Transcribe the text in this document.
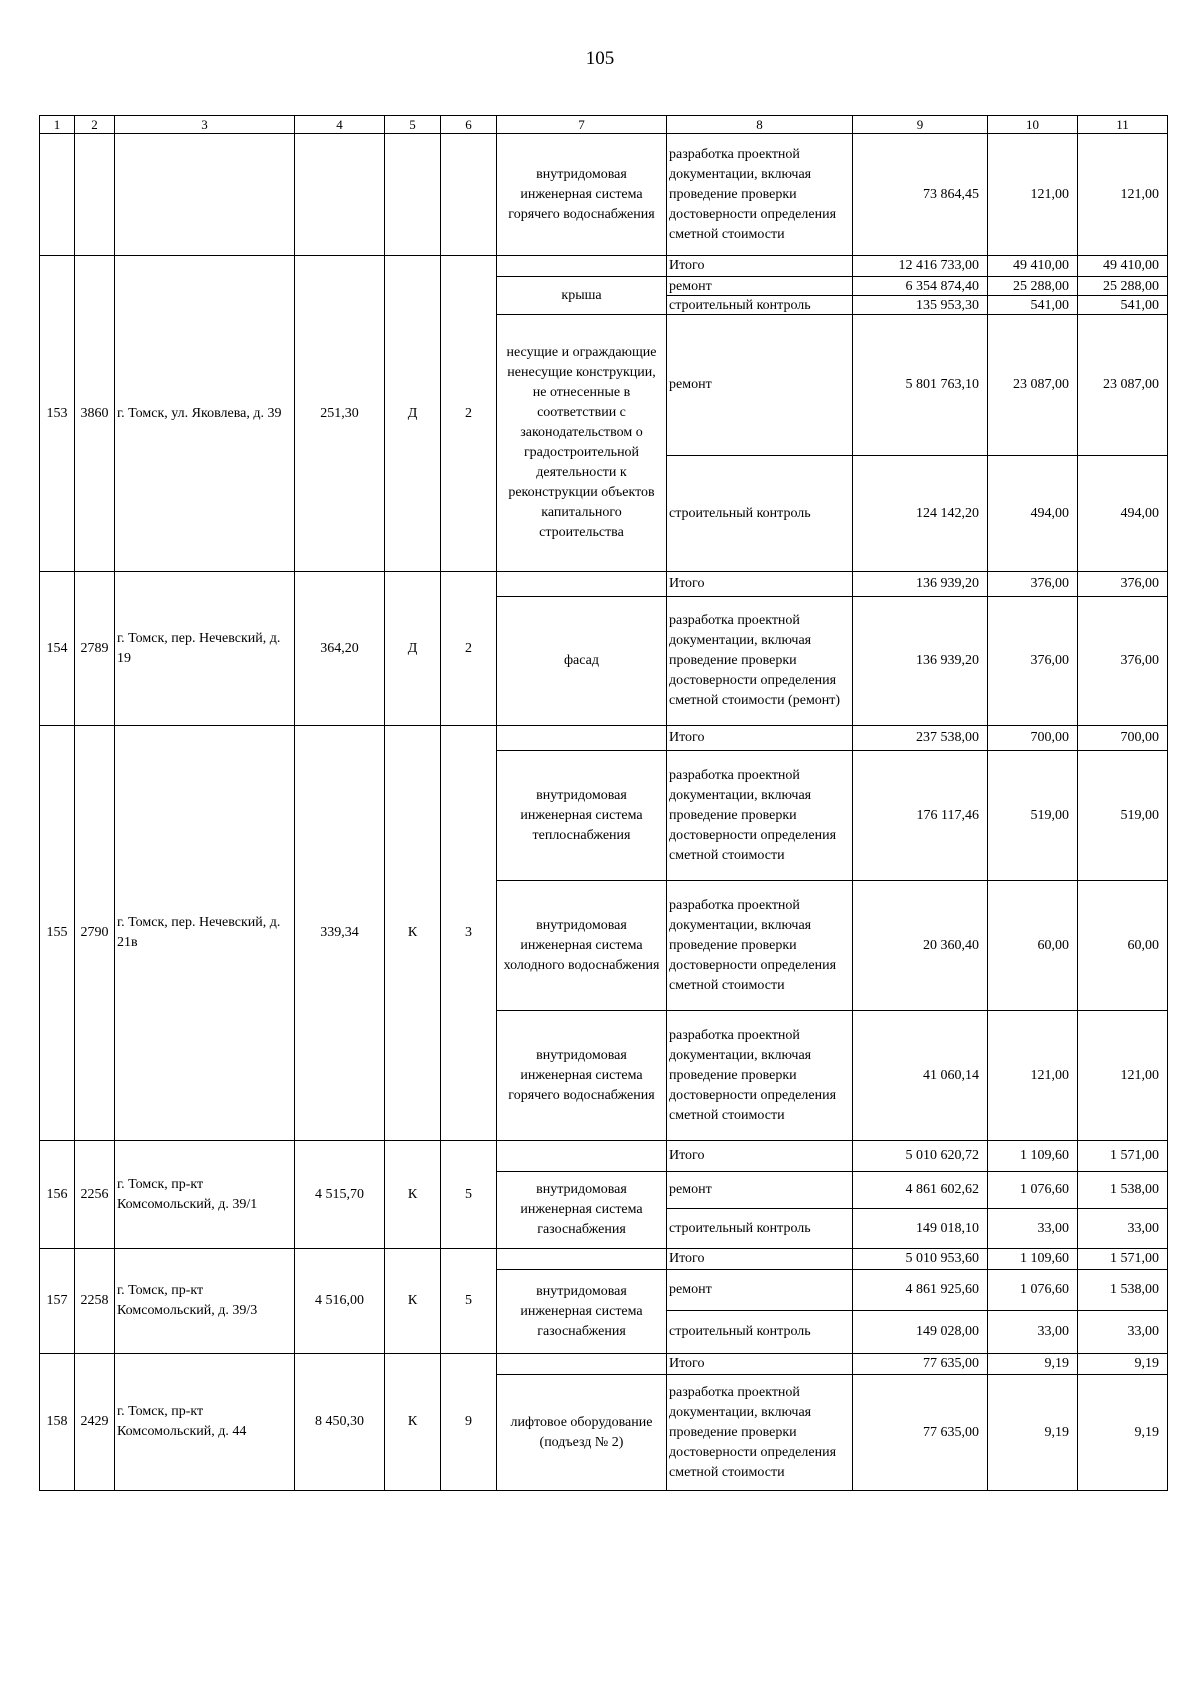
105
1	2	3	4	5	6	7	8	9	10	11
						внутридомовая инженерная система горячего водоснабжения	разработка проектной документации, включая проведение проверки достоверности определения сметной стоимости	73 864,45	121,00	121,00
153	3860	г. Томск, ул. Яковлева, д. 39	251,30	Д	2		Итого	12 416 733,00	49 410,00	49 410,00
						крыша	ремонт	6 354 874,40	25 288,00	25 288,00
							строительный контроль	135 953,30	541,00	541,00
						несущие и ограждающие ненесущие конструкции, не отнесенные в соответствии с законодательством о градостроительной деятельности к реконструкции объектов капитального строительства	ремонт	5 801 763,10	23 087,00	23 087,00
							строительный контроль	124 142,20	494,00	494,00
154	2789	г. Томск, пер. Нечевский, д. 19	364,20	Д	2		Итого	136 939,20	376,00	376,00
						фасад	разработка проектной документации, включая проведение проверки достоверности определения сметной стоимости (ремонт)	136 939,20	376,00	376,00
155	2790	г. Томск, пер. Нечевский, д. 21в	339,34	К	3		Итого	237 538,00	700,00	700,00
						внутридомовая инженерная система теплоснабжения	разработка проектной документации, включая проведение проверки достоверности определения сметной стоимости	176 117,46	519,00	519,00
						внутридомовая инженерная система холодного водоснабжения	разработка проектной документации, включая проведение проверки достоверности определения сметной стоимости	20 360,40	60,00	60,00
						внутридомовая инженерная система горячего водоснабжения	разработка проектной документации, включая проведение проверки достоверности определения сметной стоимости	41 060,14	121,00	121,00
156	2256	г. Томск, пр-кт Комсомольский, д. 39/1	4 515,70	К	5		Итого	5 010 620,72	1 109,60	1 571,00
						внутридомовая инженерная система газоснабжения	ремонт	4 861 602,62	1 076,60	1 538,00
							строительный контроль	149 018,10	33,00	33,00
157	2258	г. Томск, пр-кт Комсомольский, д. 39/3	4 516,00	К	5		Итого	5 010 953,60	1 109,60	1 571,00
						внутридомовая инженерная система газоснабжения	ремонт	4 861 925,60	1 076,60	1 538,00
							строительный контроль	149 028,00	33,00	33,00
158	2429	г. Томск, пр-кт Комсомольский, д. 44	8 450,30	К	9		Итого	77 635,00	9,19	9,19
						лифтовое оборудование (подъезд № 2)	разработка проектной документации, включая проведение проверки достоверности определения сметной стоимости	77 635,00	9,19	9,19
